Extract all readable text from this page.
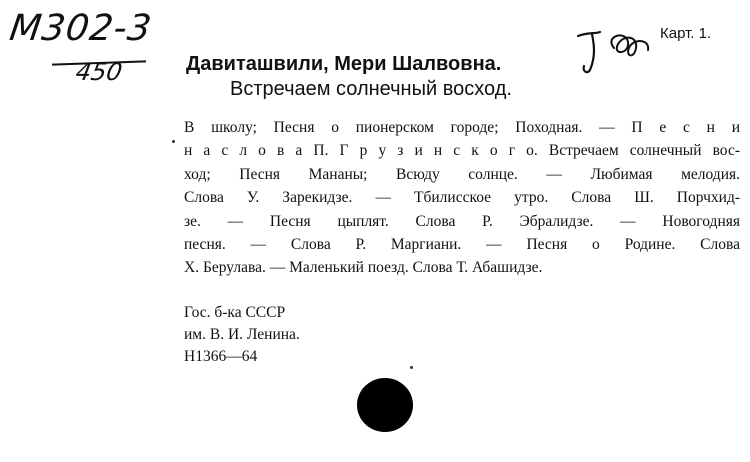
М302-3
450
Карт. 1.
Давиташвили, Мери Шалвовна.
Встречаем солнечный восход.
В школу; Песня о пионерском городе; Походная. — П е с н и
н а с л о в а П. Г р у з и н с к о г о. Встречаем солнечный вос-
ход; Песня Мананы; Всюду солнце. — Любимая мелодия.
Слова У. Зарекидзе. — Тбилисское утро. Слова Ш. Порчхид-
зе. — Песня цыплят. Слова Р. Эбралидзе. — Новогодняя
песня. — Слова Р. Маргиани. — Песня о Родине. Слова
Х. Берулава. — Маленький поезд. Слова Т. Абашидзе.
Гос. б-ка СССР
им. В. И. Ленина.
Н1366—64
